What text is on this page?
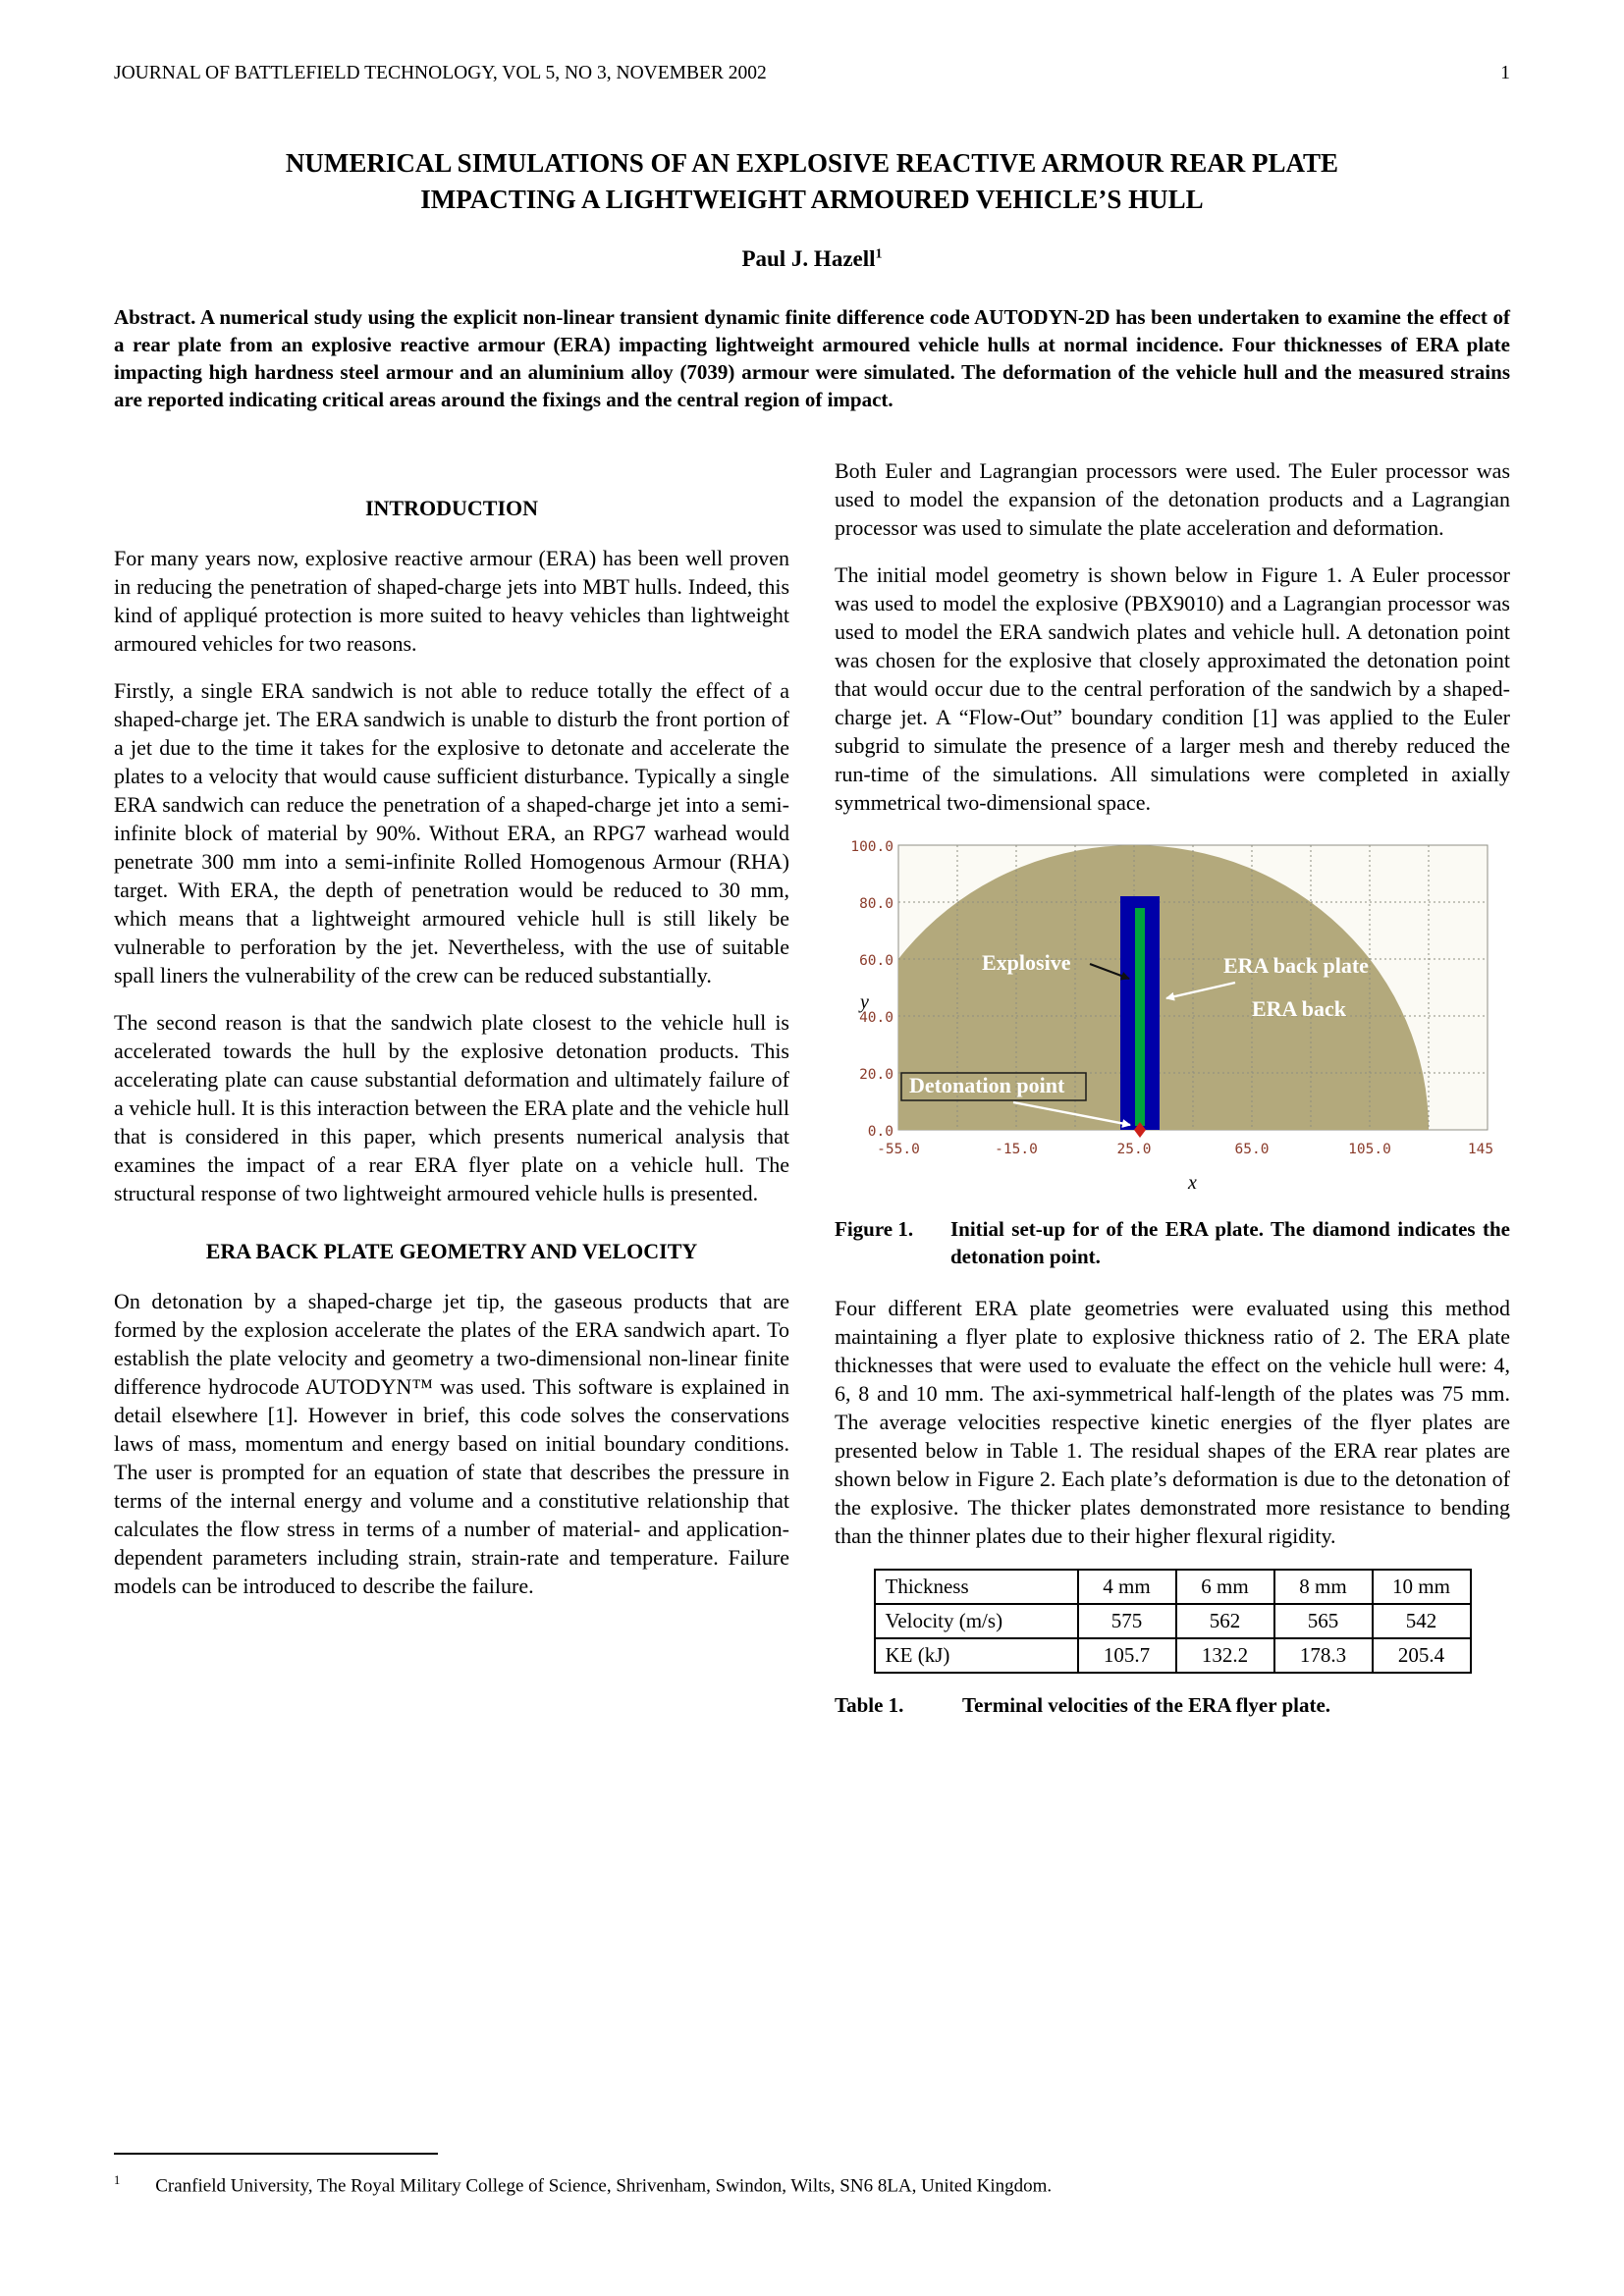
JOURNAL OF BATTLEFIELD TECHNOLOGY, VOL 5, NO 3, NOVEMBER 2002	1
NUMERICAL SIMULATIONS OF AN EXPLOSIVE REACTIVE ARMOUR REAR PLATE
IMPACTING A LIGHTWEIGHT ARMOURED VEHICLE’S HULL
Paul J. Hazell$^1$

Abstract. A numerical study using the explicit non-linear transient dynamic finite difference code AUTODYN-2D has been undertaken to examine the effect of a rear plate from an explosive reactive armour (ERA) impacting lightweight armoured vehicle hulls at normal incidence. Four thicknesses of ERA plate impacting high hardness steel armour and an aluminium alloy (7039) armour were simulated. The deformation of the vehicle hull and the measured strains are reported indicating critical areas around the fixings and the central region of impact.

INTRODUCTION

For many years now, explosive reactive armour (ERA) has been well proven in reducing the penetration of shaped-charge jets into MBT hulls. Indeed, this kind of appliqué protection is more suited to heavy vehicles than lightweight armoured vehicles for two reasons.

Firstly, a single ERA sandwich is not able to reduce totally the effect of a shaped-charge jet. The ERA sandwich is unable to disturb the front portion of a jet due to the time it takes for the explosive to detonate and accelerate the plates to a velocity that would cause sufficient disturbance. Typically a single ERA sandwich can reduce the penetration of a shaped-charge jet into a semi-infinite block of material by 90%. Without ERA, an RPG7 warhead would penetrate 300 mm into a semi-infinite Rolled Homogenous Armour (RHA) target. With ERA, the depth of penetration would be reduced to 30 mm, which means that a lightweight armoured vehicle hull is still likely be vulnerable to perforation by the jet. Nevertheless, with the use of suitable spall liners the vulnerability of the crew can be reduced substantially.

The second reason is that the sandwich plate closest to the vehicle hull is accelerated towards the hull by the explosive detonation products. This accelerating plate can cause substantial deformation and ultimately failure of a vehicle hull. It is this interaction between the ERA plate and the vehicle hull that is considered in this paper, which presents numerical analysis that examines the impact of a rear ERA flyer plate on a vehicle hull. The structural response of two lightweight armoured vehicle hulls is presented.

ERA BACK PLATE GEOMETRY AND VELOCITY

On detonation by a shaped-charge jet tip, the gaseous products that are formed by the explosion accelerate the plates of the ERA sandwich apart. To establish the plate velocity and geometry a two-dimensional non-linear finite difference hydrocode AUTODYN™ was used. This software is explained in detail elsewhere [1]. However in brief, this code solves the conservations laws of mass, momentum and energy based on initial boundary conditions. The user is prompted for an equation of state that describes the pressure in terms of the internal energy and volume and a constitutive relationship that calculates the flow stress in terms of a number of material- and application-dependent parameters including strain, strain-rate and temperature. Failure models can be introduced to describe the failure.

Both Euler and Lagrangian processors were used. The Euler processor was used to model the expansion of the detonation products and a Lagrangian processor was used to simulate the plate acceleration and deformation.

The initial model geometry is shown below in Figure 1. A Euler processor was used to model the explosive (PBX9010) and a Lagrangian processor was used to model the ERA sandwich plates and vehicle hull. A detonation point was chosen for the explosive that closely approximated the detonation point that would occur due to the central perforation of the sandwich by a shaped-charge jet. A “Flow-Out” boundary condition [1] was applied to the Euler subgrid to simulate the presence of a larger mesh and thereby reduced the run-time of the simulations. All simulations were completed in axially symmetrical two-dimensional space.

Explosive	ERA back plate
ERA back
Detonation point
100.0
80.0
60.0
40.0
20.0
0.0
-55.0	-15.0	25.0	65.0	105.0	145
y
x
Figure 1.	Initial set-up for of the ERA plate. The diamond indicates the detonation point.

Four different ERA plate geometries were evaluated using this method maintaining a flyer plate to explosive thickness ratio of 2. The ERA plate thicknesses that were used to evaluate the effect on the vehicle hull were: 4, 6, 8 and 10 mm. The axi-symmetrical half-length of the plates was 75 mm. The average velocities respective kinetic energies of the flyer plates are presented below in Table 1. The residual shapes of the ERA rear plates are shown below in Figure 2. Each plate’s deformation is due to the detonation of the explosive. The thicker plates demonstrated more resistance to bending than the thinner plates due to their higher flexural rigidity.

Thickness	4 mm	6 mm	8 mm	10 mm
Velocity (m/s)	575	562	565	542
KE (kJ)	105.7	132.2	178.3	205.4
Table 1.	Terminal velocities of the ERA flyer plate.
$^1$ Cranfield University, The Royal Military College of Science, Shrivenham, Swindon, Wilts, SN6 8LA, United Kingdom.
